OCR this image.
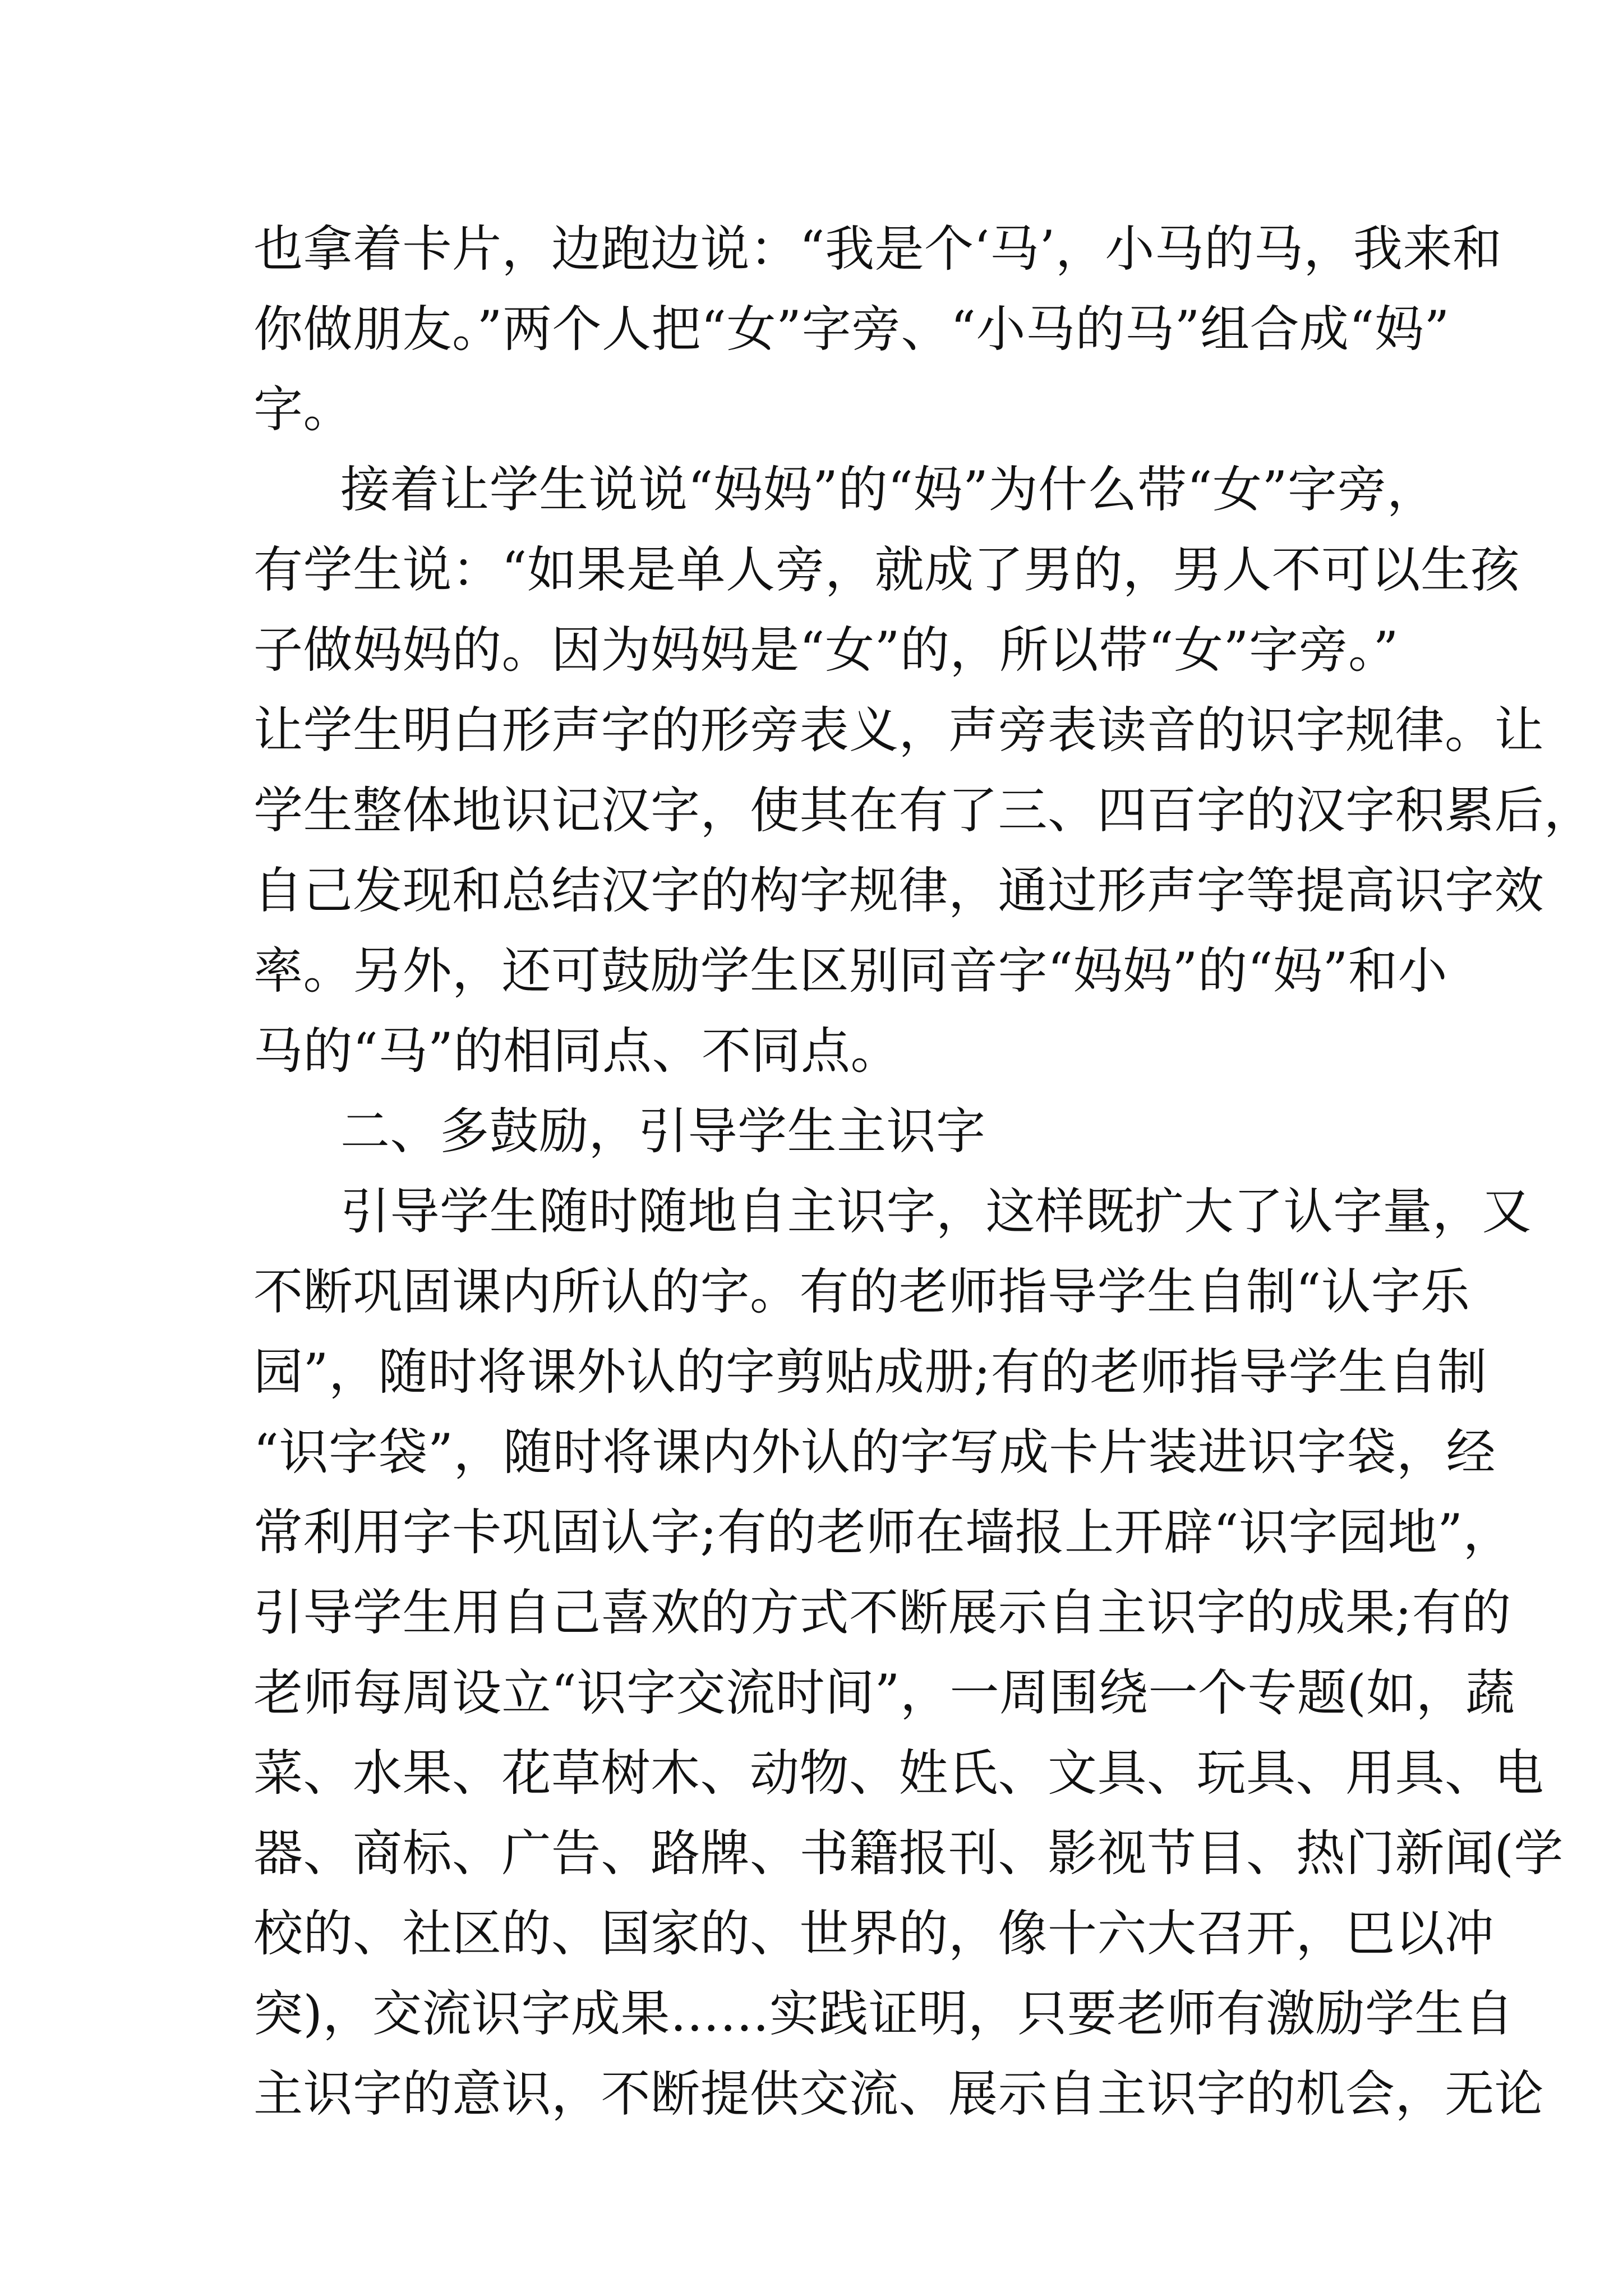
也拿着卡片，边跑边说：“我是个‘马’，小马的马，我来和
你做朋友。”两个人把“女”字旁、“小马的马”组合成“妈”
字。
接着让学生说说“妈妈”的“妈”为什么带“女”字旁，
有学生说：“如果是单人旁，就成了男的，男人不可以生孩
子做妈妈的。因为妈妈是“女”的，所以带“女”字旁。”
让学生明白形声字的形旁表义，声旁表读音的识字规律。让
学生整体地识记汉字，使其在有了三、四百字的汉字积累后，
自己发现和总结汉字的构字规律，通过形声字等提高识字效
率。另外，还可鼓励学生区别同音字“妈妈”的“妈”和小
马的“马”的相同点、不同点。
二、多鼓励，引导学生主识字
引导学生随时随地自主识字，这样既扩大了认字量，又
不断巩固课内所认的字。有的老师指导学生自制“认字乐
园”，随时将课外认的字剪贴成册;有的老师指导学生自制
“识字袋”，随时将课内外认的字写成卡片装进识字袋，经
常利用字卡巩固认字;有的老师在墙报上开辟“识字园地”，
引导学生用自己喜欢的方式不断展示自主识字的成果;有的
老师每周设立“识字交流时间”，一周围绕一个专题(如，蔬
菜、水果、花草树木、动物、姓氏、文具、玩具、用具、电
器、商标、广告、路牌、书籍报刊、影视节目、热门新闻(学
校的、社区的、国家的、世界的，像十六大召开，巴以冲
突)，交流识字成果……实践证明，只要老师有激励学生自
主识字的意识，不断提供交流、展示自主识字的机会，无论
